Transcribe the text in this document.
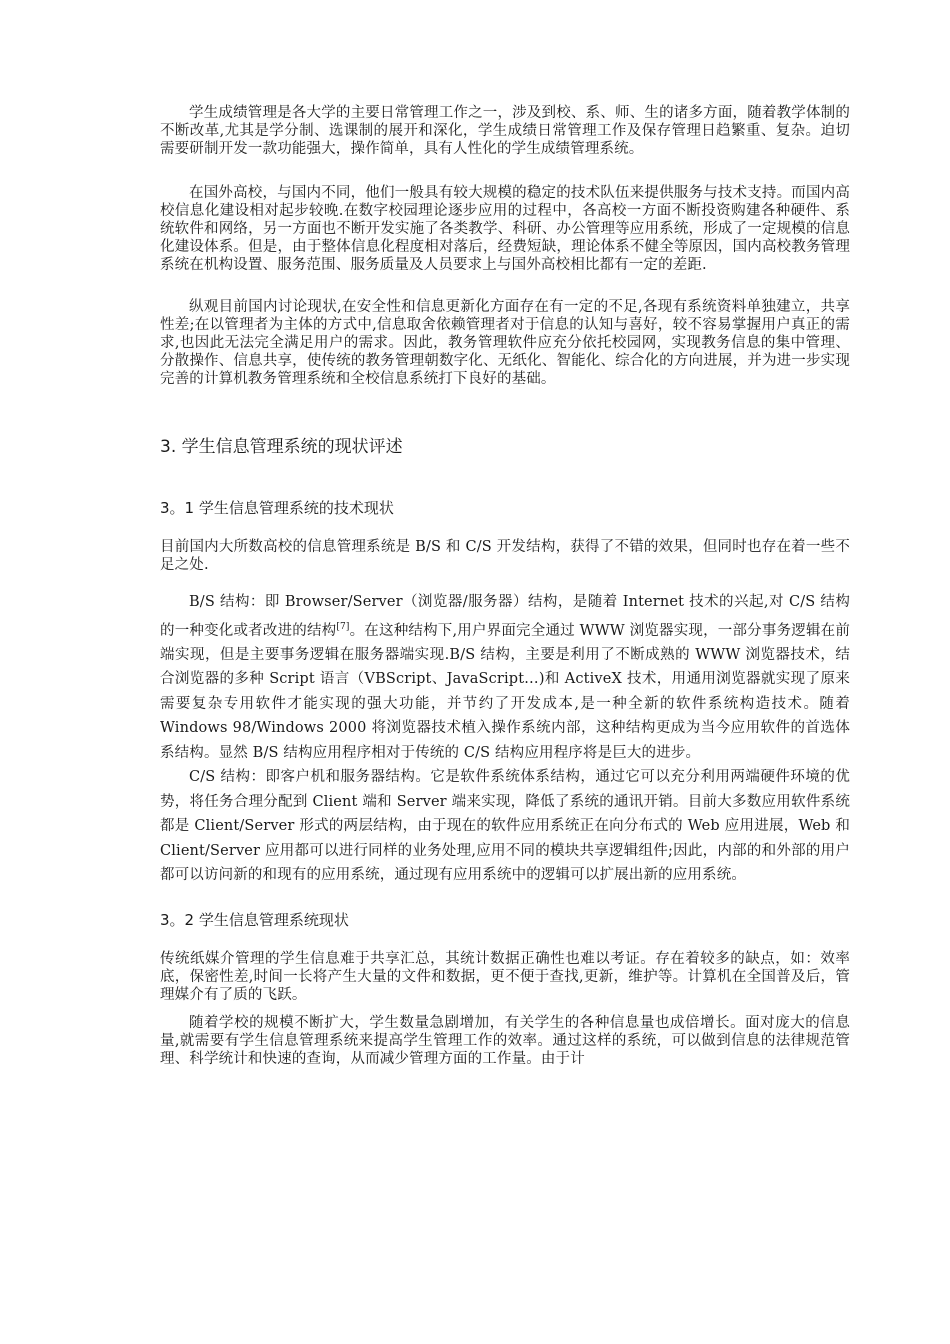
学生成绩管理是各大学的主要日常管理工作之一，涉及到校、系、师、生的诸多方面，随着教学体制的不断改革,尤其是学分制、选课制的展开和深化，学生成绩日常管理工作及保存管理日趋繁重、复杂。迫切需要研制开发一款功能强大，操作简单，具有人性化的学生成绩管理系统。

在国外高校，与国内不同，他们一般具有较大规模的稳定的技术队伍来提供服务与技术支持。而国内高校信息化建设相对起步较晚.在数字校园理论逐步应用的过程中，各高校一方面不断投资购建各种硬件、系统软件和网络，另一方面也不断开发实施了各类教学、科研、办公管理等应用系统，形成了一定规模的信息化建设体系。但是，由于整体信息化程度相对落后，经费短缺，理论体系不健全等原因，国内高校教务管理系统在机构设置、服务范围、服务质量及人员要求上与国外高校相比都有一定的差距.

纵观目前国内讨论现状,在安全性和信息更新化方面存在有一定的不足,各现有系统资料单独建立，共享性差;在以管理者为主体的方式中,信息取舍依赖管理者对于信息的认知与喜好，较不容易掌握用户真正的需求,也因此无法完全满足用户的需求。因此，教务管理软件应充分依托校园网，实现教务信息的集中管理、分散操作、信息共享，使传统的教务管理朝数字化、无纸化、智能化、综合化的方向进展，并为进一步实现完善的计算机教务管理系统和全校信息系统打下良好的基础。

3. 学生信息管理系统的现状评述
3。1 学生信息管理系统的技术现状

目前国内大所数高校的信息管理系统是 B/S 和 C/S 开发结构，获得了不错的效果，但同时也存在着一些不足之处.

B/S 结构：即 Browser/Server（浏览器/服务器）结构，是随着 Internet 技术的兴起,对 C/S 结构的一种变化或者改进的结构[7]。在这种结构下,用户界面完全通过 WWW 浏览器实现，一部分事务逻辑在前端实现，但是主要事务逻辑在服务器端实现.B/S 结构，主要是利用了不断成熟的 WWW 浏览器技术，结合浏览器的多种 Script 语言（VBScript、JavaScript…)和 ActiveX 技术，用通用浏览器就实现了原来需要复杂专用软件才能实现的强大功能，并节约了开发成本,是一种全新的软件系统构造技术。随着 Windows 98/Windows 2000 将浏览器技术植入操作系统内部，这种结构更成为当今应用软件的首选体系结构。显然 B/S 结构应用程序相对于传统的 C/S 结构应用程序将是巨大的进步。

C/S 结构：即客户机和服务器结构。它是软件系统体系结构，通过它可以充分利用两端硬件环境的优势，将任务合理分配到 Client 端和 Server 端来实现，降低了系统的通讯开销。目前大多数应用软件系统都是 Client/Server 形式的两层结构，由于现在的软件应用系统正在向分布式的 Web 应用进展，Web 和 Client/Server 应用都可以进行同样的业务处理,应用不同的模块共享逻辑组件;因此，内部的和外部的用户都可以访问新的和现有的应用系统，通过现有应用系统中的逻辑可以扩展出新的应用系统。

3。2 学生信息管理系统现状

传统纸媒介管理的学生信息难于共享汇总，其统计数据正确性也难以考证。存在着较多的缺点，如：效率底，保密性差,时间一长将产生大量的文件和数据，更不便于查找,更新，维护等。计算机在全国普及后，管理媒介有了质的飞跃。

随着学校的规模不断扩大，学生数量急剧增加，有关学生的各种信息量也成倍增长。面对庞大的信息量,就需要有学生信息管理系统来提高学生管理工作的效率。通过这样的系统，可以做到信息的法律规范管理、科学统计和快速的查询，从而减少管理方面的工作量。由于计
